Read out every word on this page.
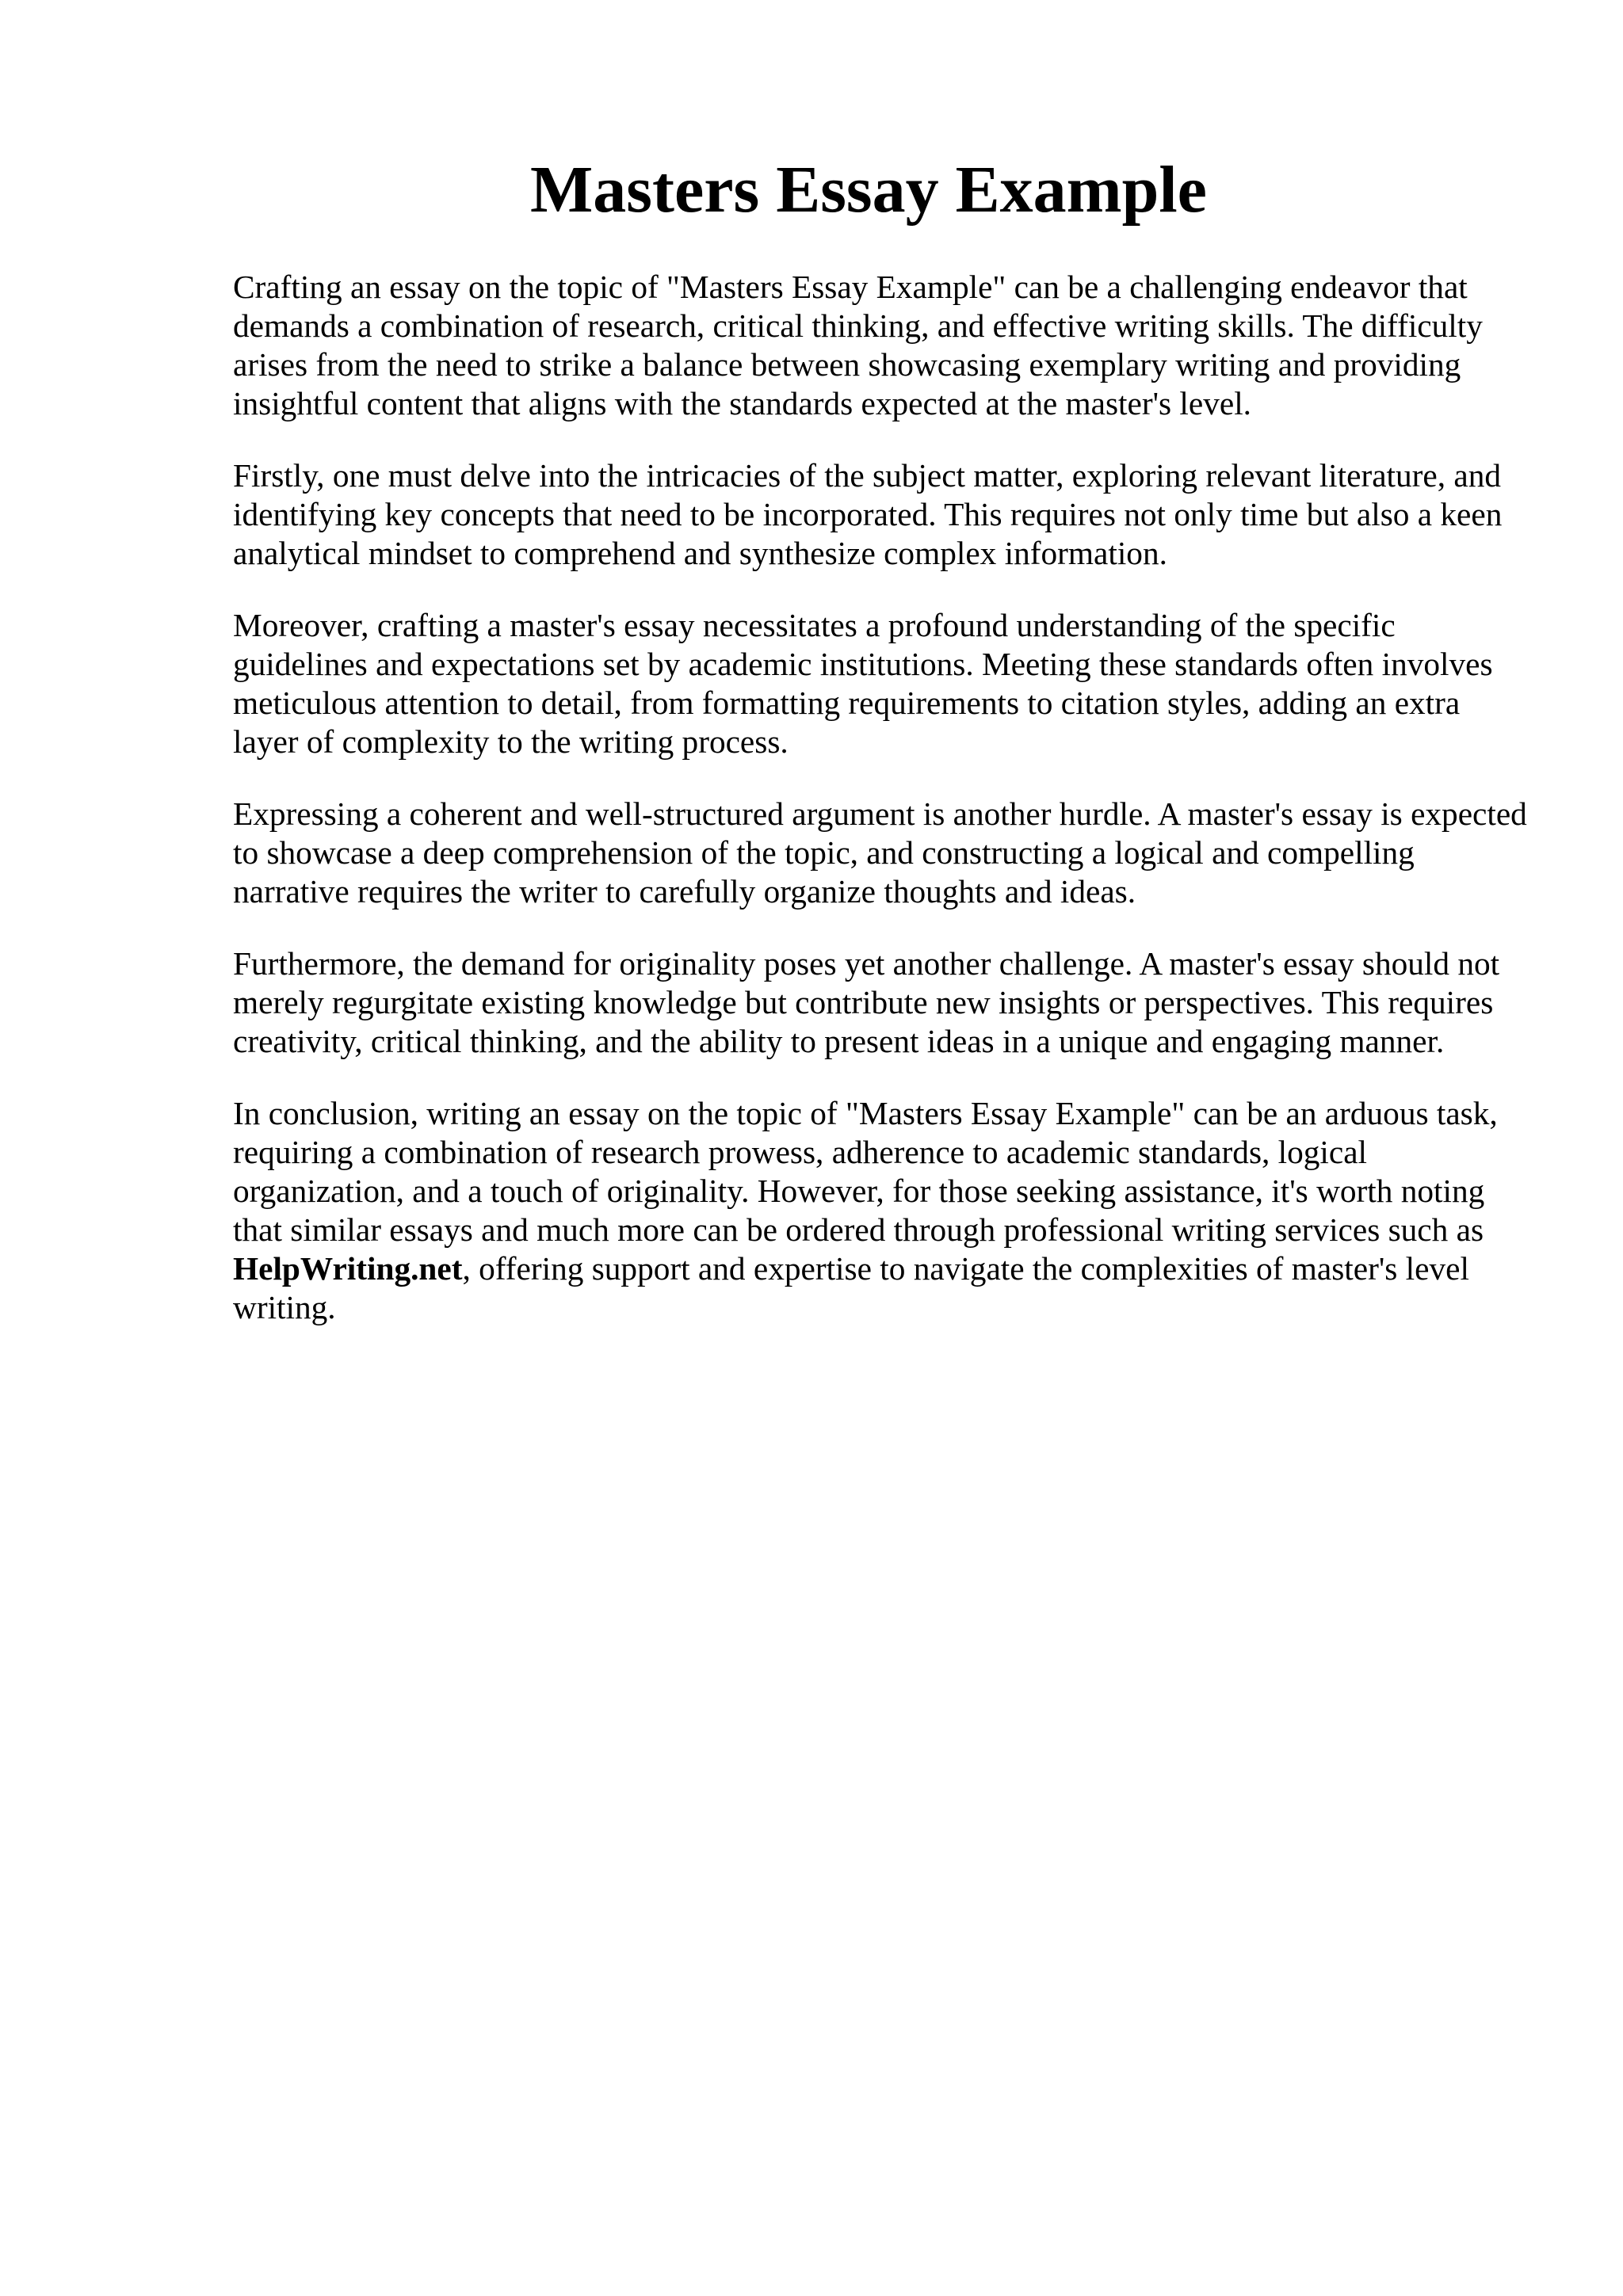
Masters Essay Example

Crafting an essay on the topic of "Masters Essay Example" can be a challenging endeavor that demands a combination of research, critical thinking, and effective writing skills. The difficulty arises from the need to strike a balance between showcasing exemplary writing and providing insightful content that aligns with the standards expected at the master's level.

Firstly, one must delve into the intricacies of the subject matter, exploring relevant literature, and identifying key concepts that need to be incorporated. This requires not only time but also a keen analytical mindset to comprehend and synthesize complex information.

Moreover, crafting a master's essay necessitates a profound understanding of the specific guidelines and expectations set by academic institutions. Meeting these standards often involves meticulous attention to detail, from formatting requirements to citation styles, adding an extra layer of complexity to the writing process.

Expressing a coherent and well-structured argument is another hurdle. A master's essay is expected to showcase a deep comprehension of the topic, and constructing a logical and compelling narrative requires the writer to carefully organize thoughts and ideas.

Furthermore, the demand for originality poses yet another challenge. A master's essay should not merely regurgitate existing knowledge but contribute new insights or perspectives. This requires creativity, critical thinking, and the ability to present ideas in a unique and engaging manner.

In conclusion, writing an essay on the topic of "Masters Essay Example" can be an arduous task, requiring a combination of research prowess, adherence to academic standards, logical organization, and a touch of originality. However, for those seeking assistance, it's worth noting that similar essays and much more can be ordered through professional writing services such as HelpWriting.net, offering support and expertise to navigate the complexities of master's level writing.
